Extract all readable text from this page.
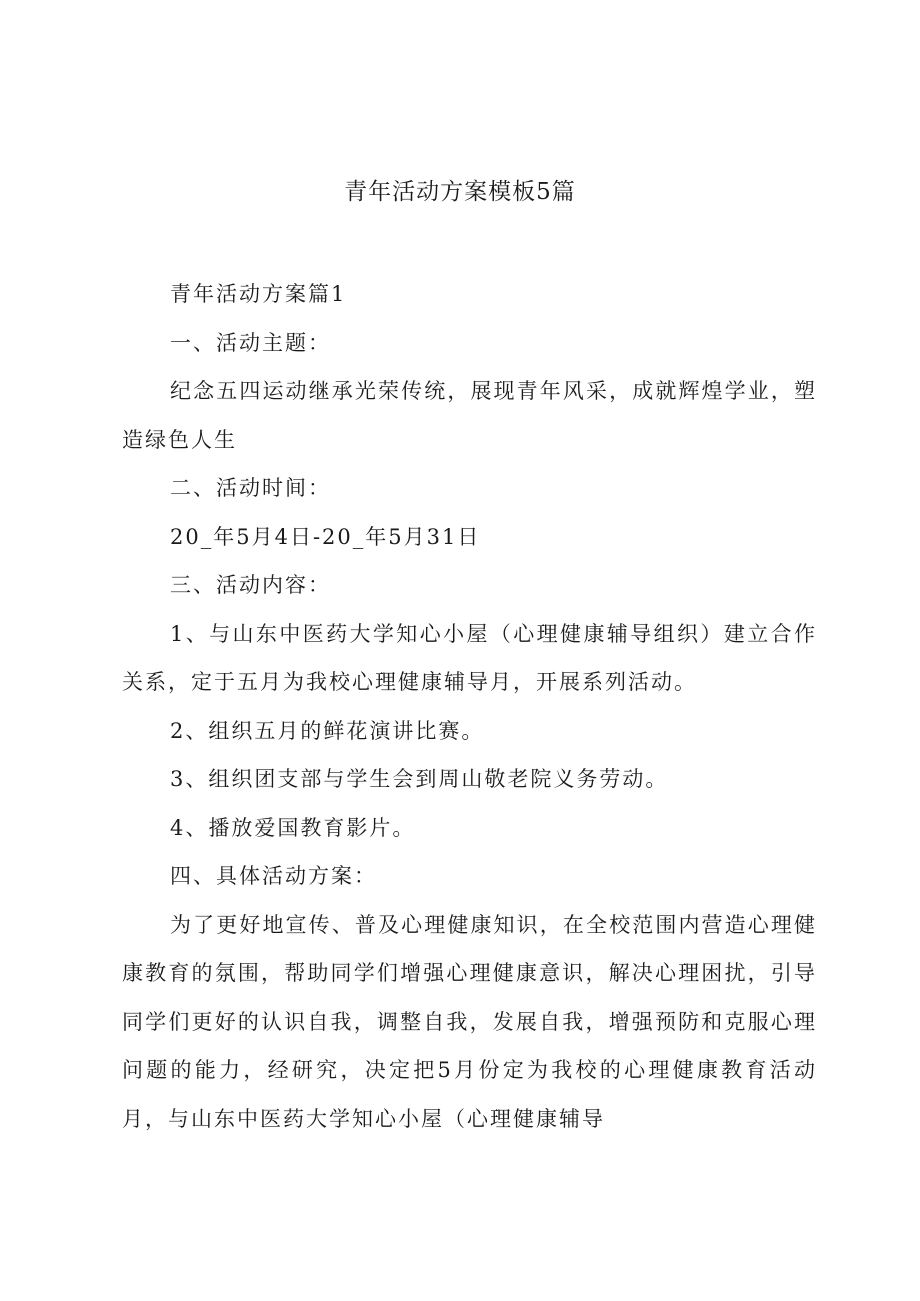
青年活动方案模板5篇

青年活动方案篇1

一、活动主题：

纪念五四运动继承光荣传统，展现青年风采，成就辉煌学业，塑造绿色人生

二、活动时间：

20_年5月4日-20_年5月31日

三、活动内容：

1、与山东中医药大学知心小屋（心理健康辅导组织）建立合作关系，定于五月为我校心理健康辅导月，开展系列活动。

2、组织五月的鲜花演讲比赛。

3、组织团支部与学生会到周山敬老院义务劳动。

4、播放爱国教育影片。

四、具体活动方案：

为了更好地宣传、普及心理健康知识，在全校范围内营造心理健康教育的氛围，帮助同学们增强心理健康意识，解决心理困扰，引导同学们更好的认识自我，调整自我，发展自我，增强预防和克服心理问题的能力，经研究，决定把5月份定为我校的心理健康教育活动月，与山东中医药大学知心小屋（心理健康辅导
